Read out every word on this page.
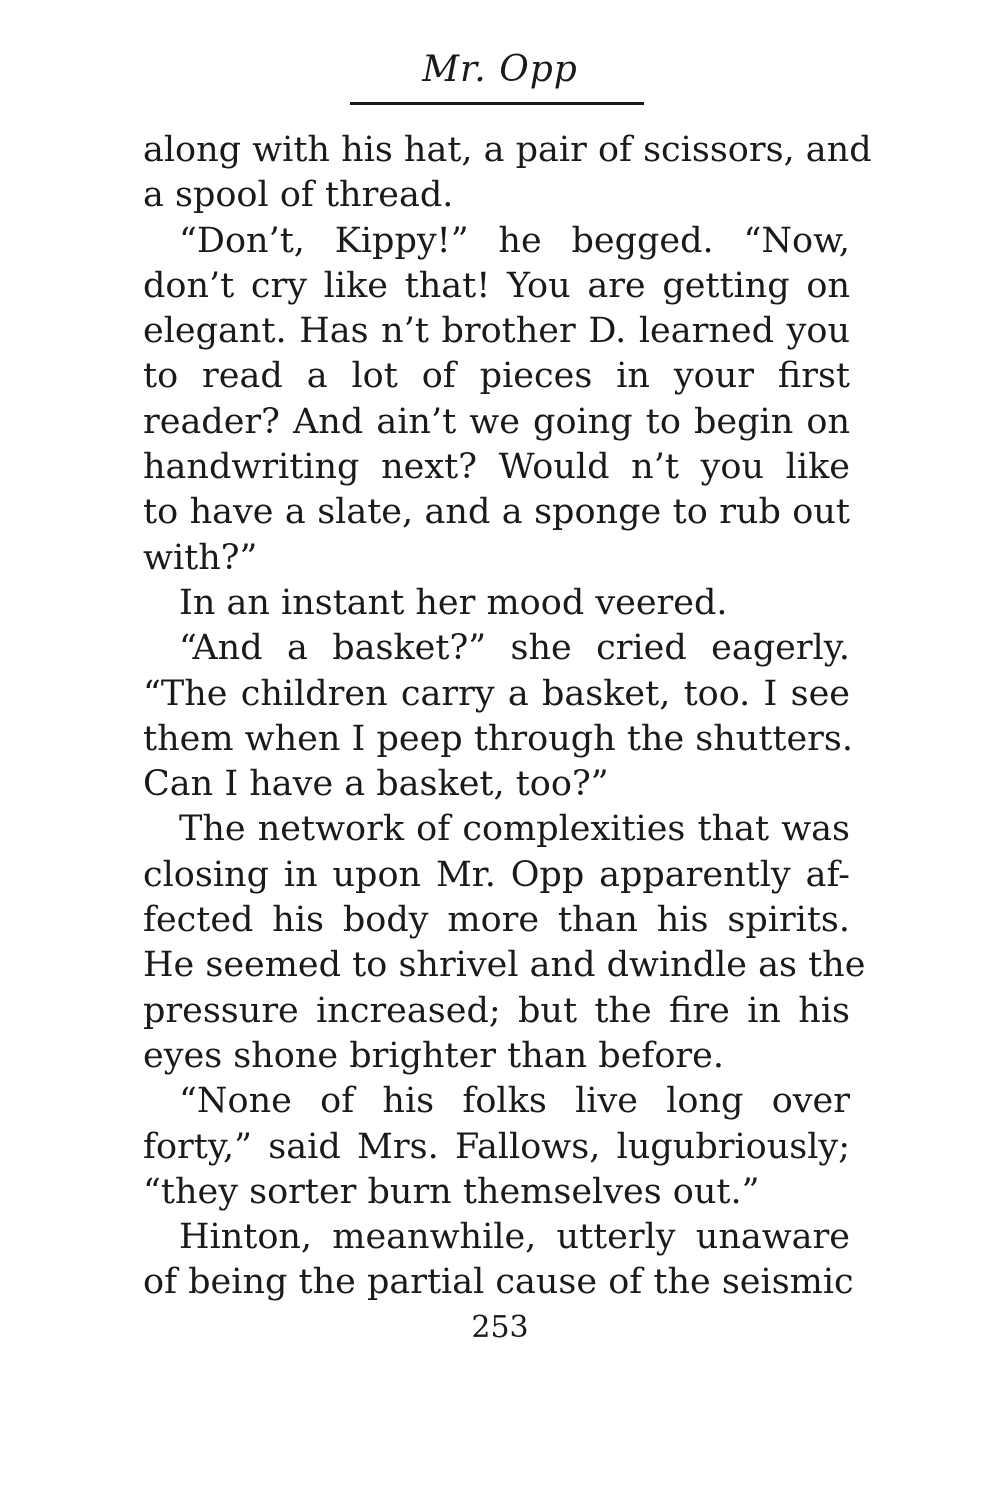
Mr. Opp
along with his hat, a pair of scissors, and
a spool of thread.
“Don’t, Kippy!” he begged. “Now,
don’t cry like that! You are getting on
elegant. Has n’t brother D. learned you
to read a lot of pieces in your first
reader? And ain’t we going to begin on
handwriting next? Would n’t you like
to have a slate, and a sponge to rub out
with?”
In an instant her mood veered.
“And a basket?” she cried eagerly.
“The children carry a basket, too. I see
them when I peep through the shutters.
Can I have a basket, too?”
The network of complexities that was
closing in upon Mr. Opp apparently af-
fected his body more than his spirits.
He seemed to shrivel and dwindle as the
pressure increased; but the fire in his
eyes shone brighter than before.
“None of his folks live long over
forty,” said Mrs. Fallows, lugubriously;
“they sorter burn themselves out.”
Hinton, meanwhile, utterly unaware
of being the partial cause of the seismic
253
